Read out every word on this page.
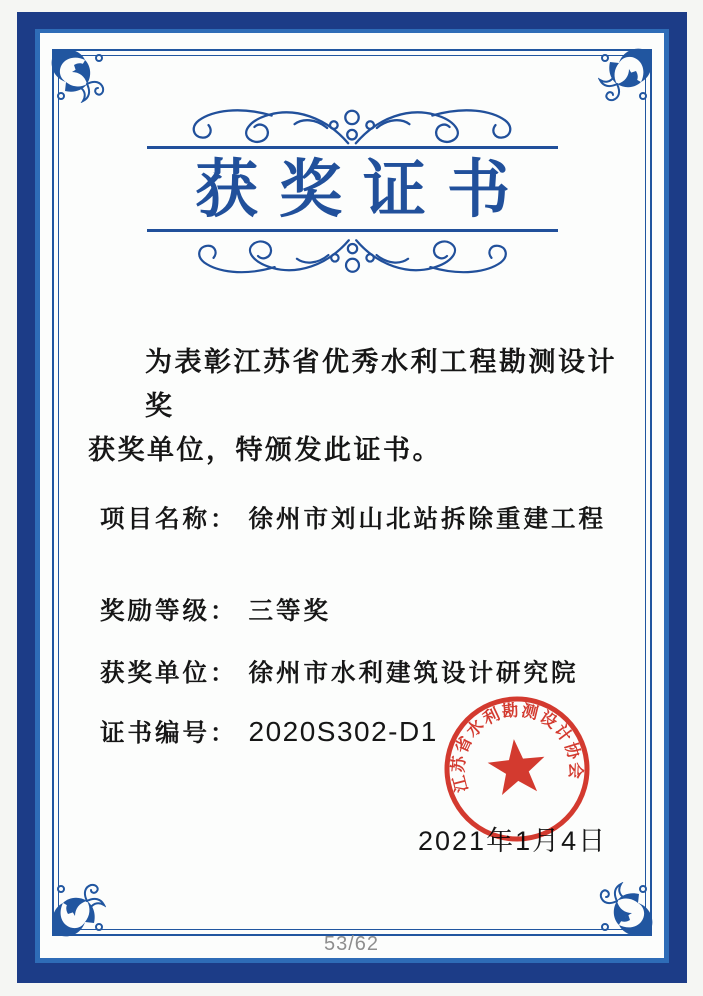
获奖证书
为表彰江苏省优秀水利工程勘测设计奖
获奖单位，特颁发此证书。
项目名称： 徐州市刘山北站拆除重建工程
奖励等级： 三等奖
获奖单位： 徐州市水利建筑设计研究院
证书编号： 2020S302-D1
2021年1月4日
江苏省水利勘测设计协会
53/62
